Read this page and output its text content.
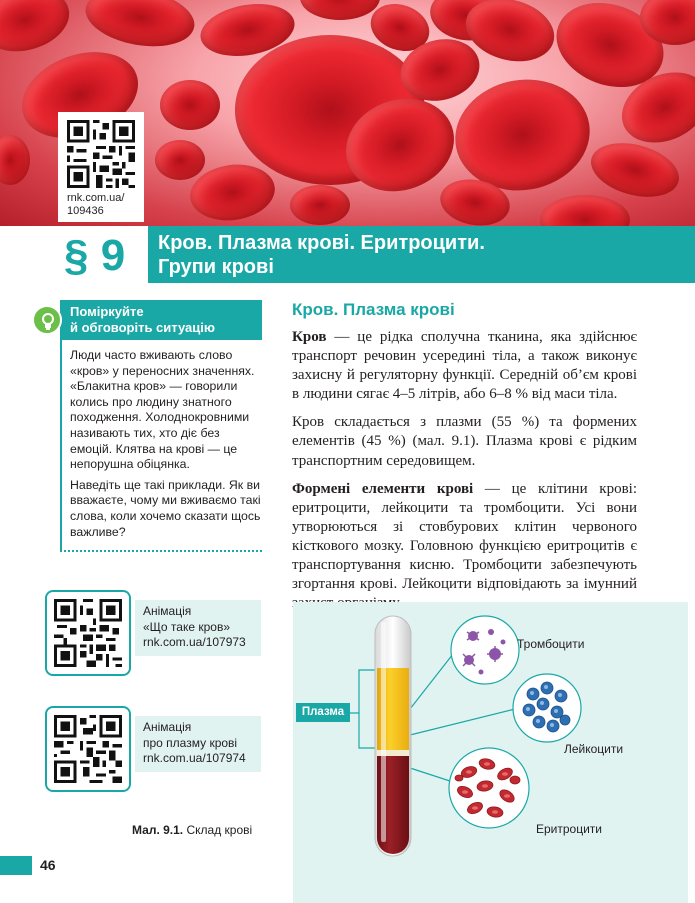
rnk.com.ua/
109436
§ 9	Кров. Плазма крові. Еритроцити.
Групи крові
Поміркуйте
й обговоріть ситуацію

Люди часто вживають слово «кров» у переносних значеннях. «Блакитна кров» — говорили колись про людину знатного походження. Холоднокровними називають тих, хто діє без емоцій. Клятва на крові — це непорушна обіцянка.

Наведіть ще такі приклади. Як ви вважаєте, чому ми вживаємо такі слова, коли хочемо сказати щось важливе?

Анімація
«Що таке кров»
rnk.com.ua/107973
Анімація
про плазму крові
rnk.com.ua/107974
Мал. 9.1. Склад крові
46
Кров. Плазма крові

Кров — це рідка сполучна тканина, яка здійснює транспорт речовин усередині тіла, а також виконує захисну й регуляторну функції. Середній об’єм крові в людини сягає 4–5 літрів, або 6–8 % від маси тіла.

Кров складається з плазми (55 %) та формених елементів (45 %) (мал. 9.1). Плазма крові є рідким транспортним середовищем.

Формені елементи крові — це клітини крові: еритроцити, лейкоцити та тромбоцити. Усі вони утворюються зі стовбурових клітин червоного кісткового мозку. Головною функцією еритроцитів є транспортування кисню. Тромбоцити забезпечують згортання крові. Лейкоцити відповідають за імунний

Плазма
Тромбоцити
Лейкоцити
Еритроцити
